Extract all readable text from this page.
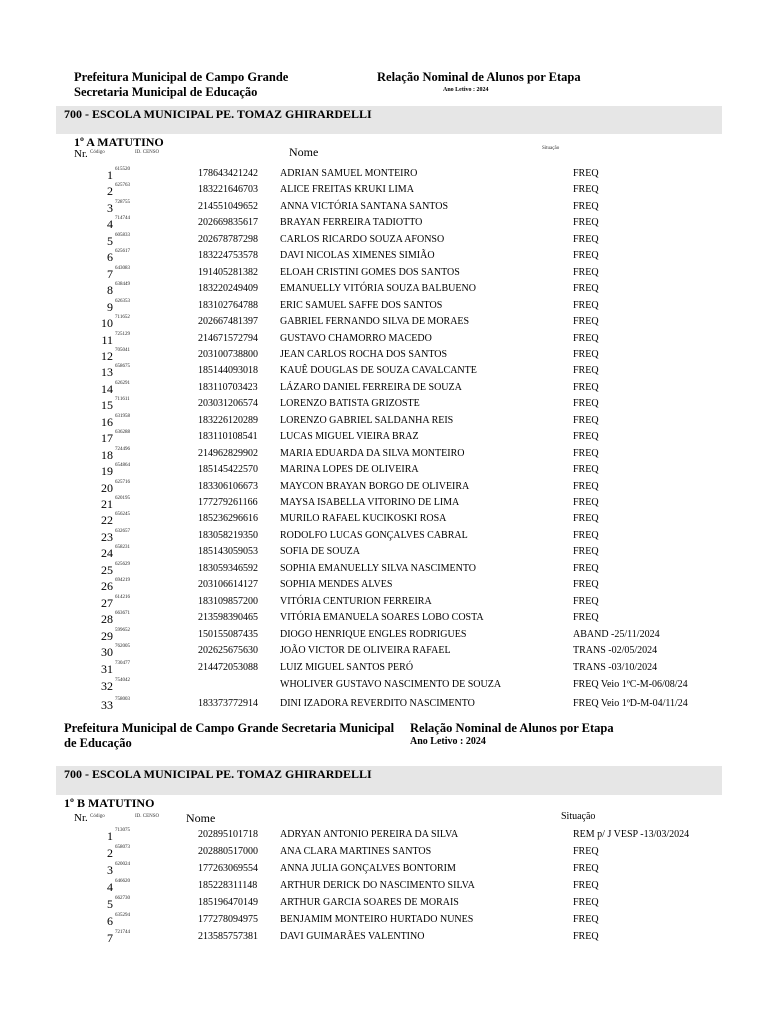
Prefeitura Municipal de Campo Grande
Secretaria Municipal de Educação
Relação Nominal de Alunos por Etapa
Ano Letivo : 2024
700 - ESCOLA MUNICIPAL PE. TOMAZ GHIRARDELLI
1º A MATUTINO
Nr. Código	ID. CENSO	Nome	Situação
1 615520	178643421242 ADRIAN SAMUEL MONTEIRO	FREQ
2 625763	183221646703 ALICE FREITAS KRUKI LIMA	FREQ
3 728755	214551049652 ANNA VICTÓRIA SANTANA SANTOS	FREQ
4 714744	202669835617 BRAYAN FERREIRA TADIOTTO	FREQ
5 605833	202678787298 CARLOS RICARDO SOUZA AFONSO	FREQ
6 625617	183224753578 DAVI NICOLAS XIMENES SIMIÃO	FREQ
7 643083	191405281382 ELOAH CRISTINI GOMES DOS SANTOS	FREQ
8 638449	183220249409 EMANUELLY VITÓRIA SOUZA BALBUENO	FREQ
9 626353	183102764788 ERIC SAMUEL SAFFE DOS SANTOS	FREQ
10 711652	202667481397 GABRIEL FERNANDO SILVA DE MORAES	FREQ
11 725129	214671572794 GUSTAVO CHAMORRO MACEDO	FREQ
12 705041	203100738800 JEAN CARLOS ROCHA DOS SANTOS	FREQ
13 658675	185144093018 KAUÊ DOUGLAS DE SOUZA CAVALCANTE	FREQ
14 626291	183110703423 LÁZARO DANIEL FERREIRA DE SOUZA	FREQ
15 711611	203031206574 LORENZO BATISTA GRIZOSTE	FREQ
16 631958	183226120289 LORENZO GABRIEL SALDANHA REIS	FREQ
17 636288	183110108541 LUCAS MIGUEL VIEIRA BRAZ	FREQ
18 724496	214962829902 MARIA EDUARDA DA SILVA MONTEIRO	FREQ
19 654864	185145422570 MARINA LOPES DE OLIVEIRA	FREQ
20 625716	183306106673 MAYCON BRAYAN BORGO DE OLIVEIRA	FREQ
21 620195	177279261166 MAYSA ISABELLA VITORINO DE LIMA	FREQ
22 656245	185236296616 MURILO RAFAEL KUCIKOSKI ROSA	FREQ
23 632657	183058219350 RODOLFO LUCAS GONÇALVES CABRAL	FREQ
24 658231	185143059053 SOFIA DE SOUZA	FREQ
25 625629	183059346592 SOPHIA EMANUELLY SILVA NASCIMENTO	FREQ
26 694219	203106614127 SOPHIA MENDES ALVES	FREQ
27 614216	183109857200 VITÓRIA CENTURION FERREIRA	FREQ
28 663671	213598390465 VITÓRIA EMANUELA SOARES LOBO COSTA	FREQ
29 599652	150155087435 DIOGO HENRIQUE ENGLES RODRIGUES	ABAND -25/11/2024
30 762005	202625675630 JOÃO VICTOR DE OLIVEIRA RAFAEL	TRANS -02/05/2024
31 730477	214472053088 LUIZ MIGUEL SANTOS PERÓ	TRANS -03/10/2024
32 754042	WHOLIVER GUSTAVO NASCIMENTO DE SOUZA	FREQ Veio 1ºC-M-06/08/24
33 758003	183373772914 DINI IZADORA REVERDITO NASCIMENTO	FREQ Veio 1ºD-M-04/11/24
Prefeitura Municipal de Campo Grande Secretaria Municipal de Educação
Relação Nominal de Alunos por Etapa
Ano Letivo : 2024
700 - ESCOLA MUNICIPAL PE. TOMAZ GHIRARDELLI
1º B MATUTINO
Nr. Código	ID. CENSO Nome	Situação
1 713075	202895101718 ADRYAN ANTONIO PEREIRA DA SILVA	REM p/ J VESP -13/03/2024
2 658073	202880517000 ANA CLARA MARTINES SANTOS	FREQ
3 620024	177263069554 ANNA JULIA GONÇALVES BONTORIM	FREQ
4 646620	185228311148 ARTHUR DERICK DO NASCIMENTO SILVA	FREQ
5 662730	185196470149 ARTHUR GARCIA SOARES DE MORAIS	FREQ
6 635294	177278094975 BENJAMIM MONTEIRO HURTADO NUNES	FREQ
7 721744	213585757381 DAVI GUIMARÃES VALENTINO	FREQ
